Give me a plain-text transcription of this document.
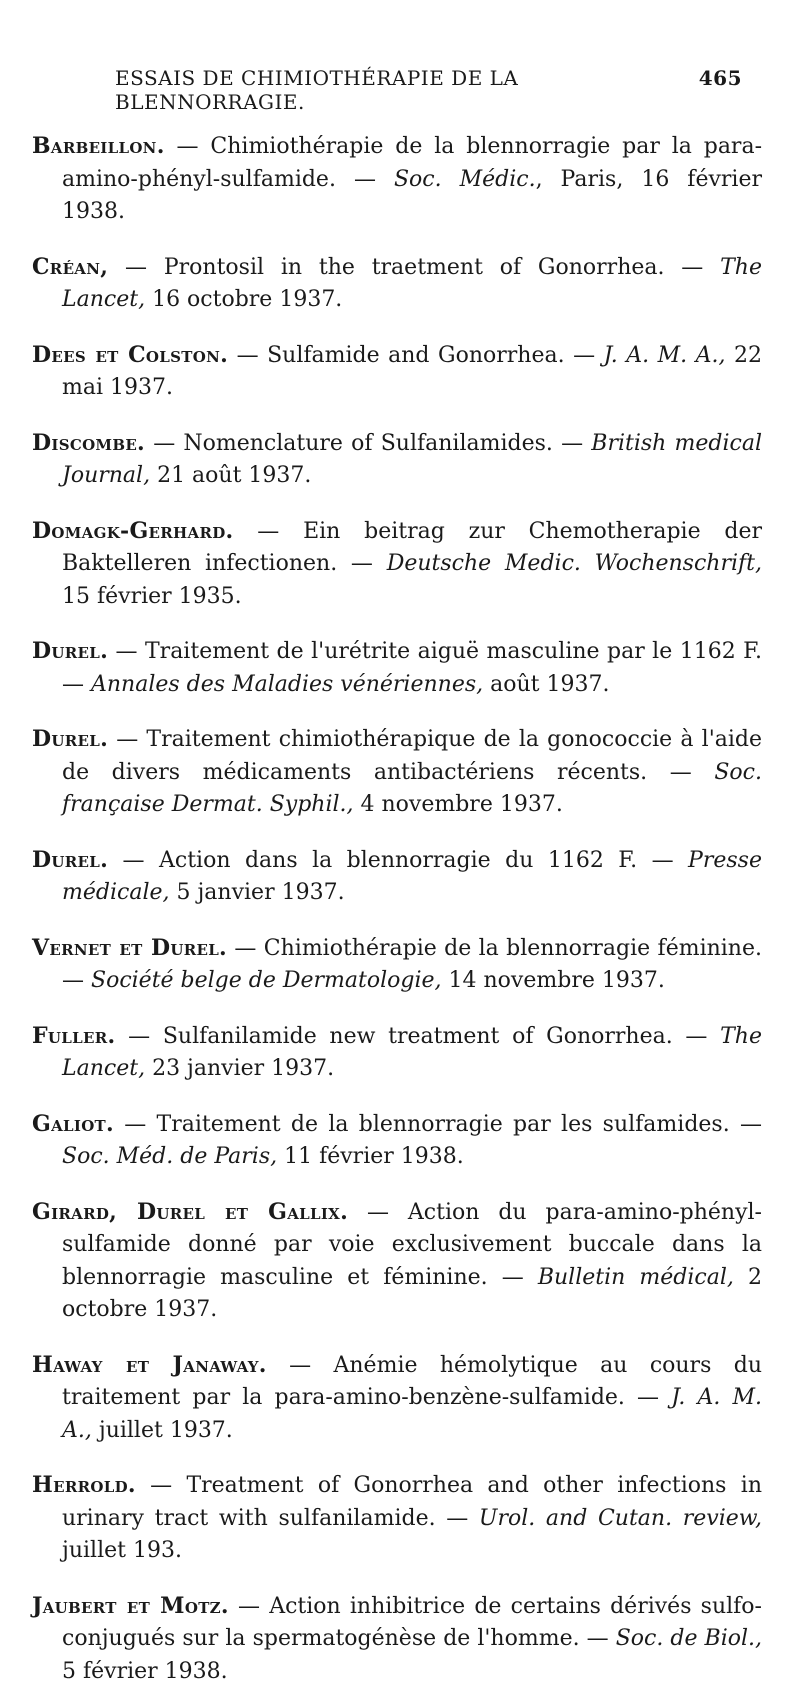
ESSAIS DE CHIMIOTHÉRAPIE DE LA BLENNORRAGIE.
465

Barbeillon. — Chimiothérapie de la blennorragie par la para-amino-phényl-sulfamide. — Soc. Médic., Paris, 16 février 1938.

Créan, — Prontosil in the traetment of Gonorrhea. — The Lancet, 16 octobre 1937.

Dees et Colston. — Sulfamide and Gonorrhea. — J. A. M. A., 22 mai 1937.

Discombe. — Nomenclature of Sulfanilamides. — British medical Journal, 21 août 1937.

Domagk-Gerhard. — Ein beitrag zur Chemotherapie der Baktelleren infectionen. — Deutsche Medic. Wochenschrift, 15 février 1935.

Durel. — Traitement de l'urétrite aiguë masculine par le 1162 F. — Annales des Maladies vénériennes, août 1937.

Durel. — Traitement chimiothérapique de la gonococcie à l'aide de divers médicaments antibactériens récents. — Soc. française Dermat. Syphil., 4 novembre 1937.

Durel. — Action dans la blennorragie du 1162 F. — Presse médicale, 5 janvier 1937.

Vernet et Durel. — Chimiothérapie de la blennorragie féminine. — Société belge de Dermatologie, 14 novembre 1937.

Fuller. — Sulfanilamide new treatment of Gonorrhea. — The Lancet, 23 janvier 1937.

Galiot. — Traitement de la blennorragie par les sulfamides. — Soc. Méd. de Paris, 11 février 1938.

Girard, Durel et Gallix. — Action du para-amino-phényl-sulfamide donné par voie exclusivement buccale dans la blennorragie masculine et féminine. — Bulletin médical, 2 octobre 1937.

Haway et Janaway. — Anémie hémolytique au cours du traitement par la para-amino-benzène-sulfamide. — J. A. M. A., juillet 1937.

Herrold. — Treatment of Gonorrhea and other infections in urinary tract with sulfanilamide. — Urol. and Cutan. review, juillet 193.

Jaubert et Motz. — Action inhibitrice de certains dérivés sulfo-conjugués sur la spermatogénèse de l'homme. — Soc. de Biol., 5 février 1938.
